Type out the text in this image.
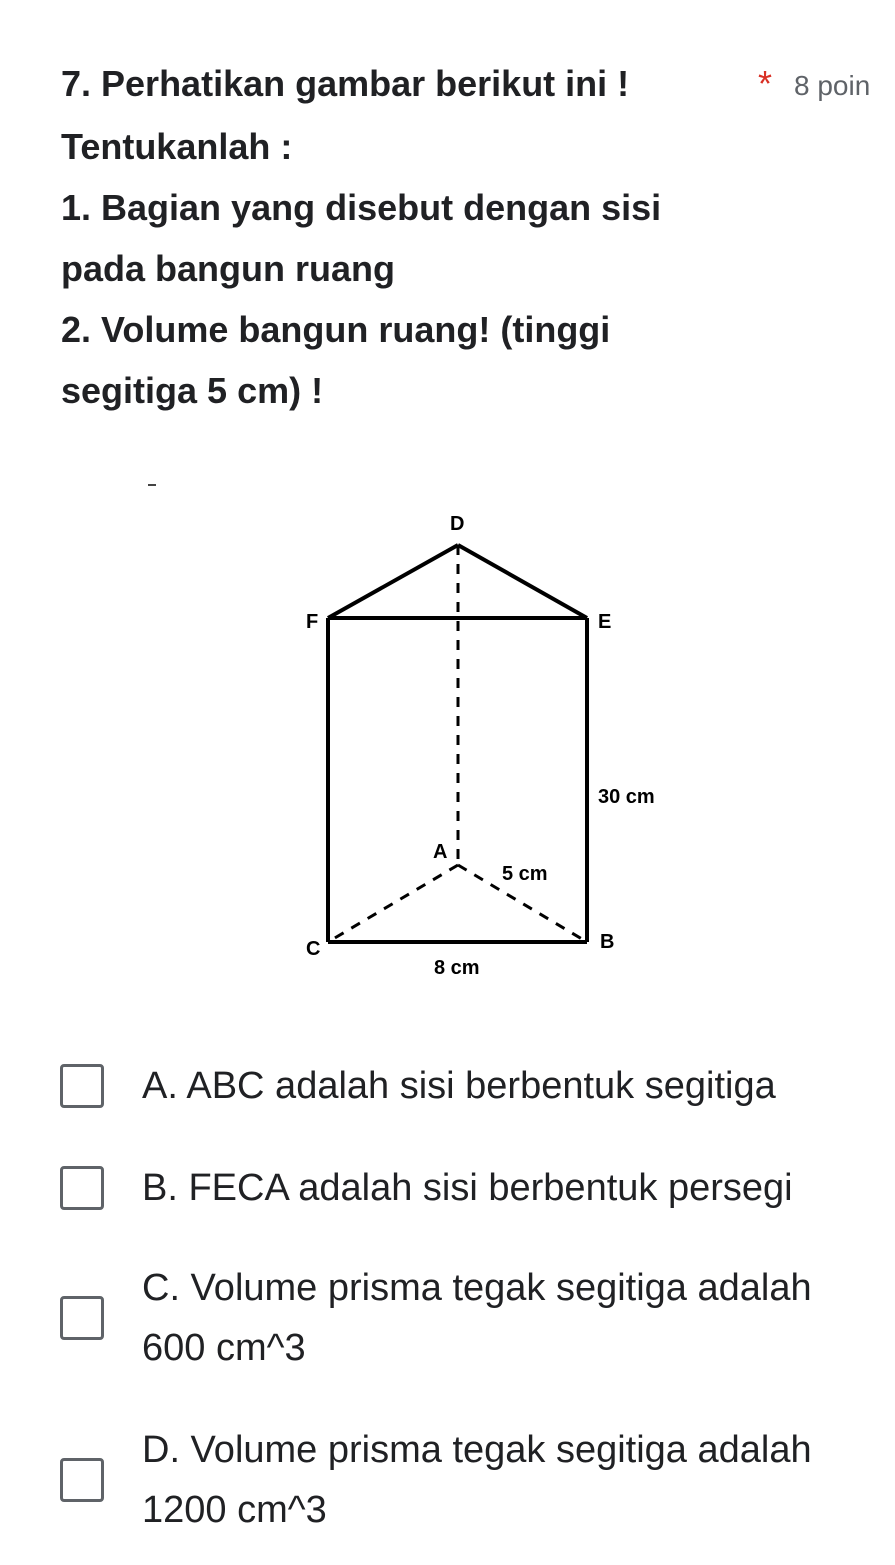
7. Perhatikan gambar berikut ini !	* 8 poin
Tentukanlah :
1. Bagian yang disebut dengan sisi
pada bangun ruang
2. Volume bangun ruang! (tinggi
segitiga 5 cm) !
D
F	E
A
C	B
30 cm
5 cm
8 cm
A. ABC adalah sisi berbentuk segitiga
B. FECA adalah sisi berbentuk persegi
C. Volume prisma tegak segitiga adalah 600 cm^3
D. Volume prisma tegak segitiga adalah 1200 cm^3
